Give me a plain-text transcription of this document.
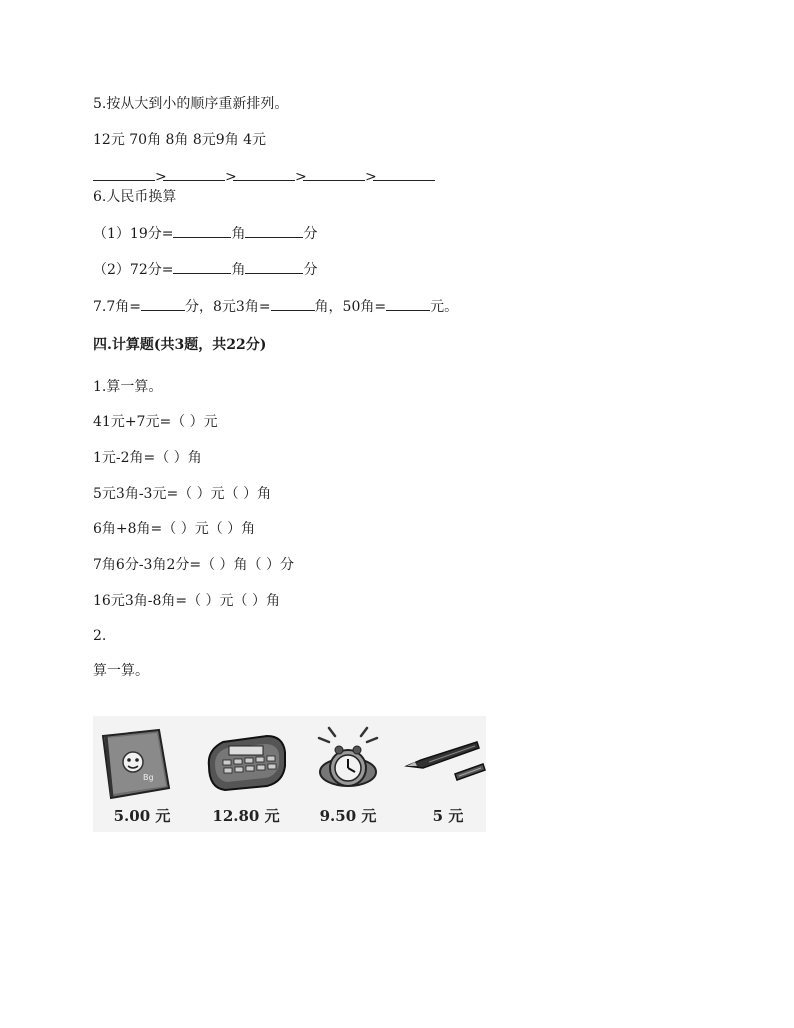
5.按从大到小的顺序重新排列。
12元 70角 8角 8元9角 4元
>	>	>	>
6.人民币换算
（1）19分=	角	分
（2）72分=	角	分
7.7角=	分，8元3角=	角，50角=	元。
四.计算题(共3题，共22分)
1.算一算。
41元+7元=（ ）元
1元-2角=（ ）角
5元3角-3元=（ ）元（ ）角
6角+8角=（ ）元（ ）角
7角6分-3角2分=（ ）角（ ）分
16元3角-8角=（ ）元（ ）角
2.
算一算。
Bg
5.00 元	12.80 元	9.50 元	5 元
